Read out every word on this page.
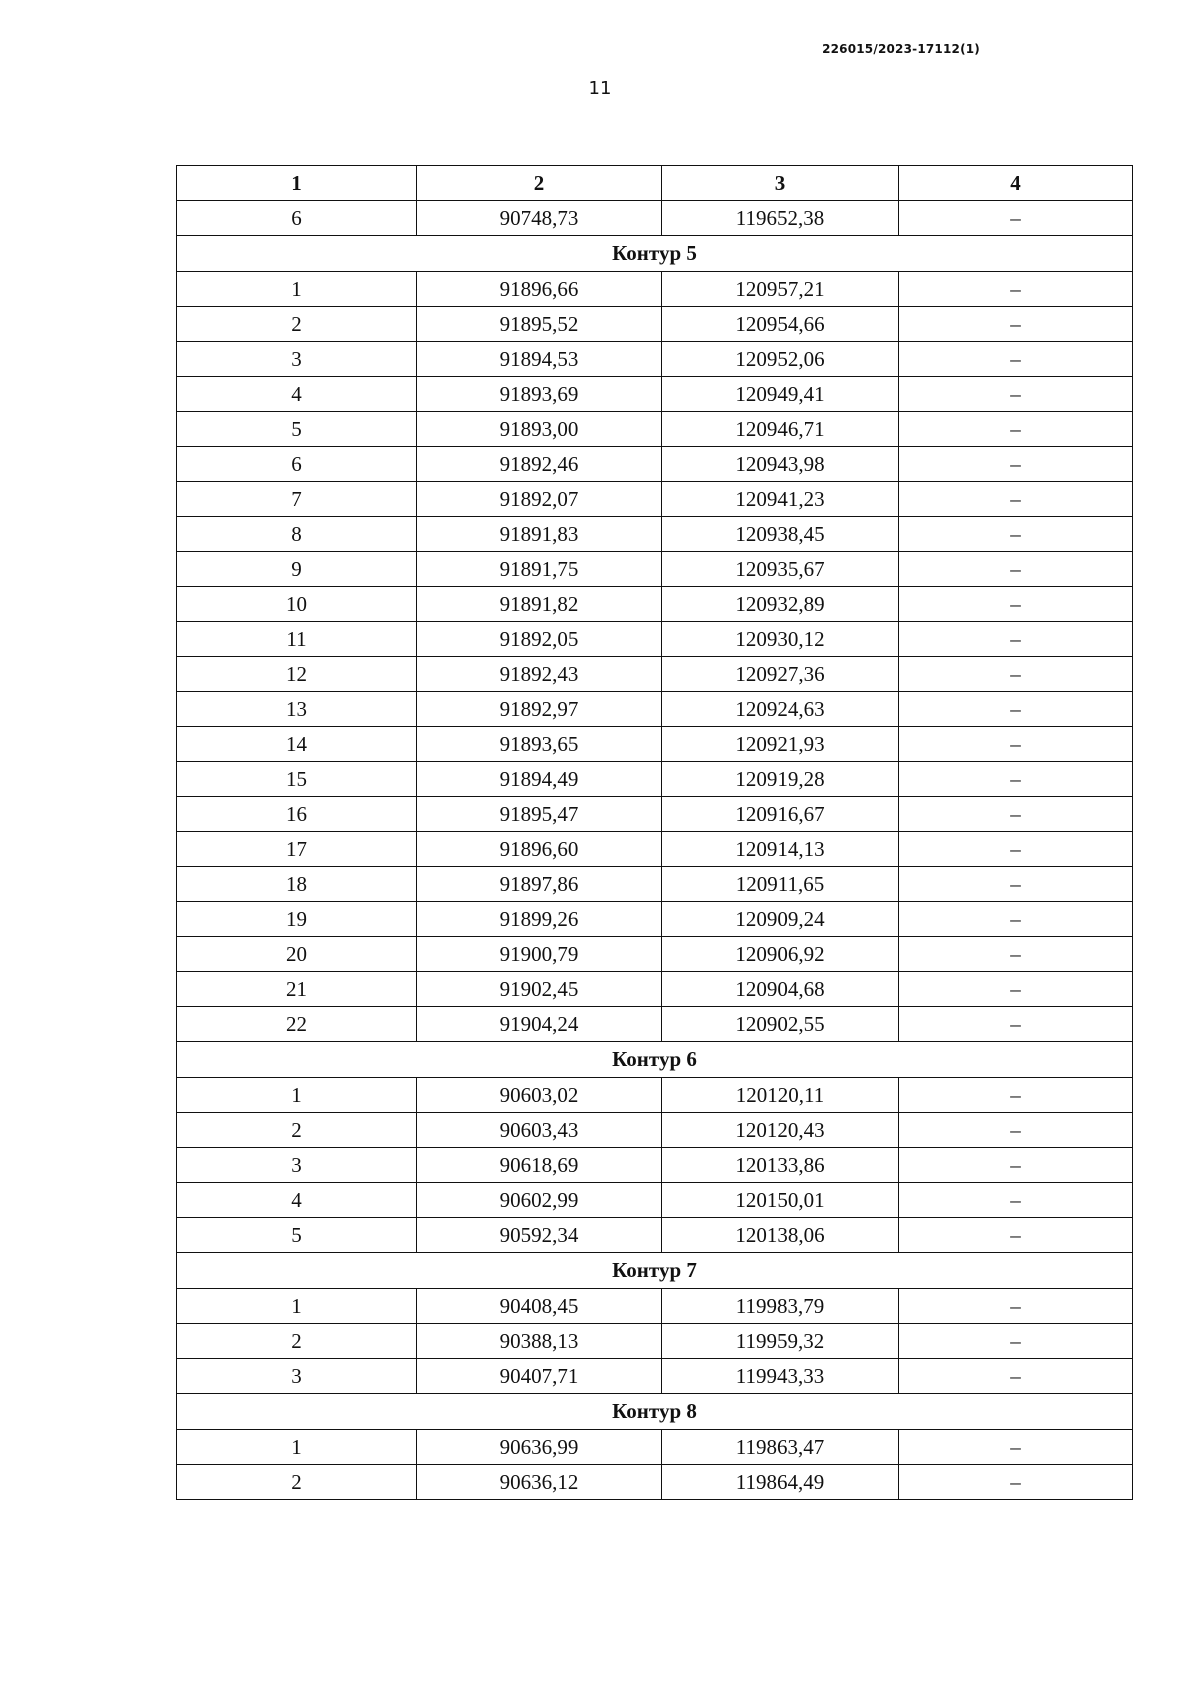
226015/2023-17112(1)
11
1	2	3	4
6	90748,73	119652,38	–
Контур 5			
1	91896,66	120957,21	–
2	91895,52	120954,66	–
3	91894,53	120952,06	–
4	91893,69	120949,41	–
5	91893,00	120946,71	–
6	91892,46	120943,98	–
7	91892,07	120941,23	–
8	91891,83	120938,45	–
9	91891,75	120935,67	–
10	91891,82	120932,89	–
11	91892,05	120930,12	–
12	91892,43	120927,36	–
13	91892,97	120924,63	–
14	91893,65	120921,93	–
15	91894,49	120919,28	–
16	91895,47	120916,67	–
17	91896,60	120914,13	–
18	91897,86	120911,65	–
19	91899,26	120909,24	–
20	91900,79	120906,92	–
21	91902,45	120904,68	–
22	91904,24	120902,55	–
Контур 6			
1	90603,02	120120,11	–
2	90603,43	120120,43	–
3	90618,69	120133,86	–
4	90602,99	120150,01	–
5	90592,34	120138,06	–
Контур 7			
1	90408,45	119983,79	–
2	90388,13	119959,32	–
3	90407,71	119943,33	–
Контур 8			
1	90636,99	119863,47	–
2	90636,12	119864,49	–
